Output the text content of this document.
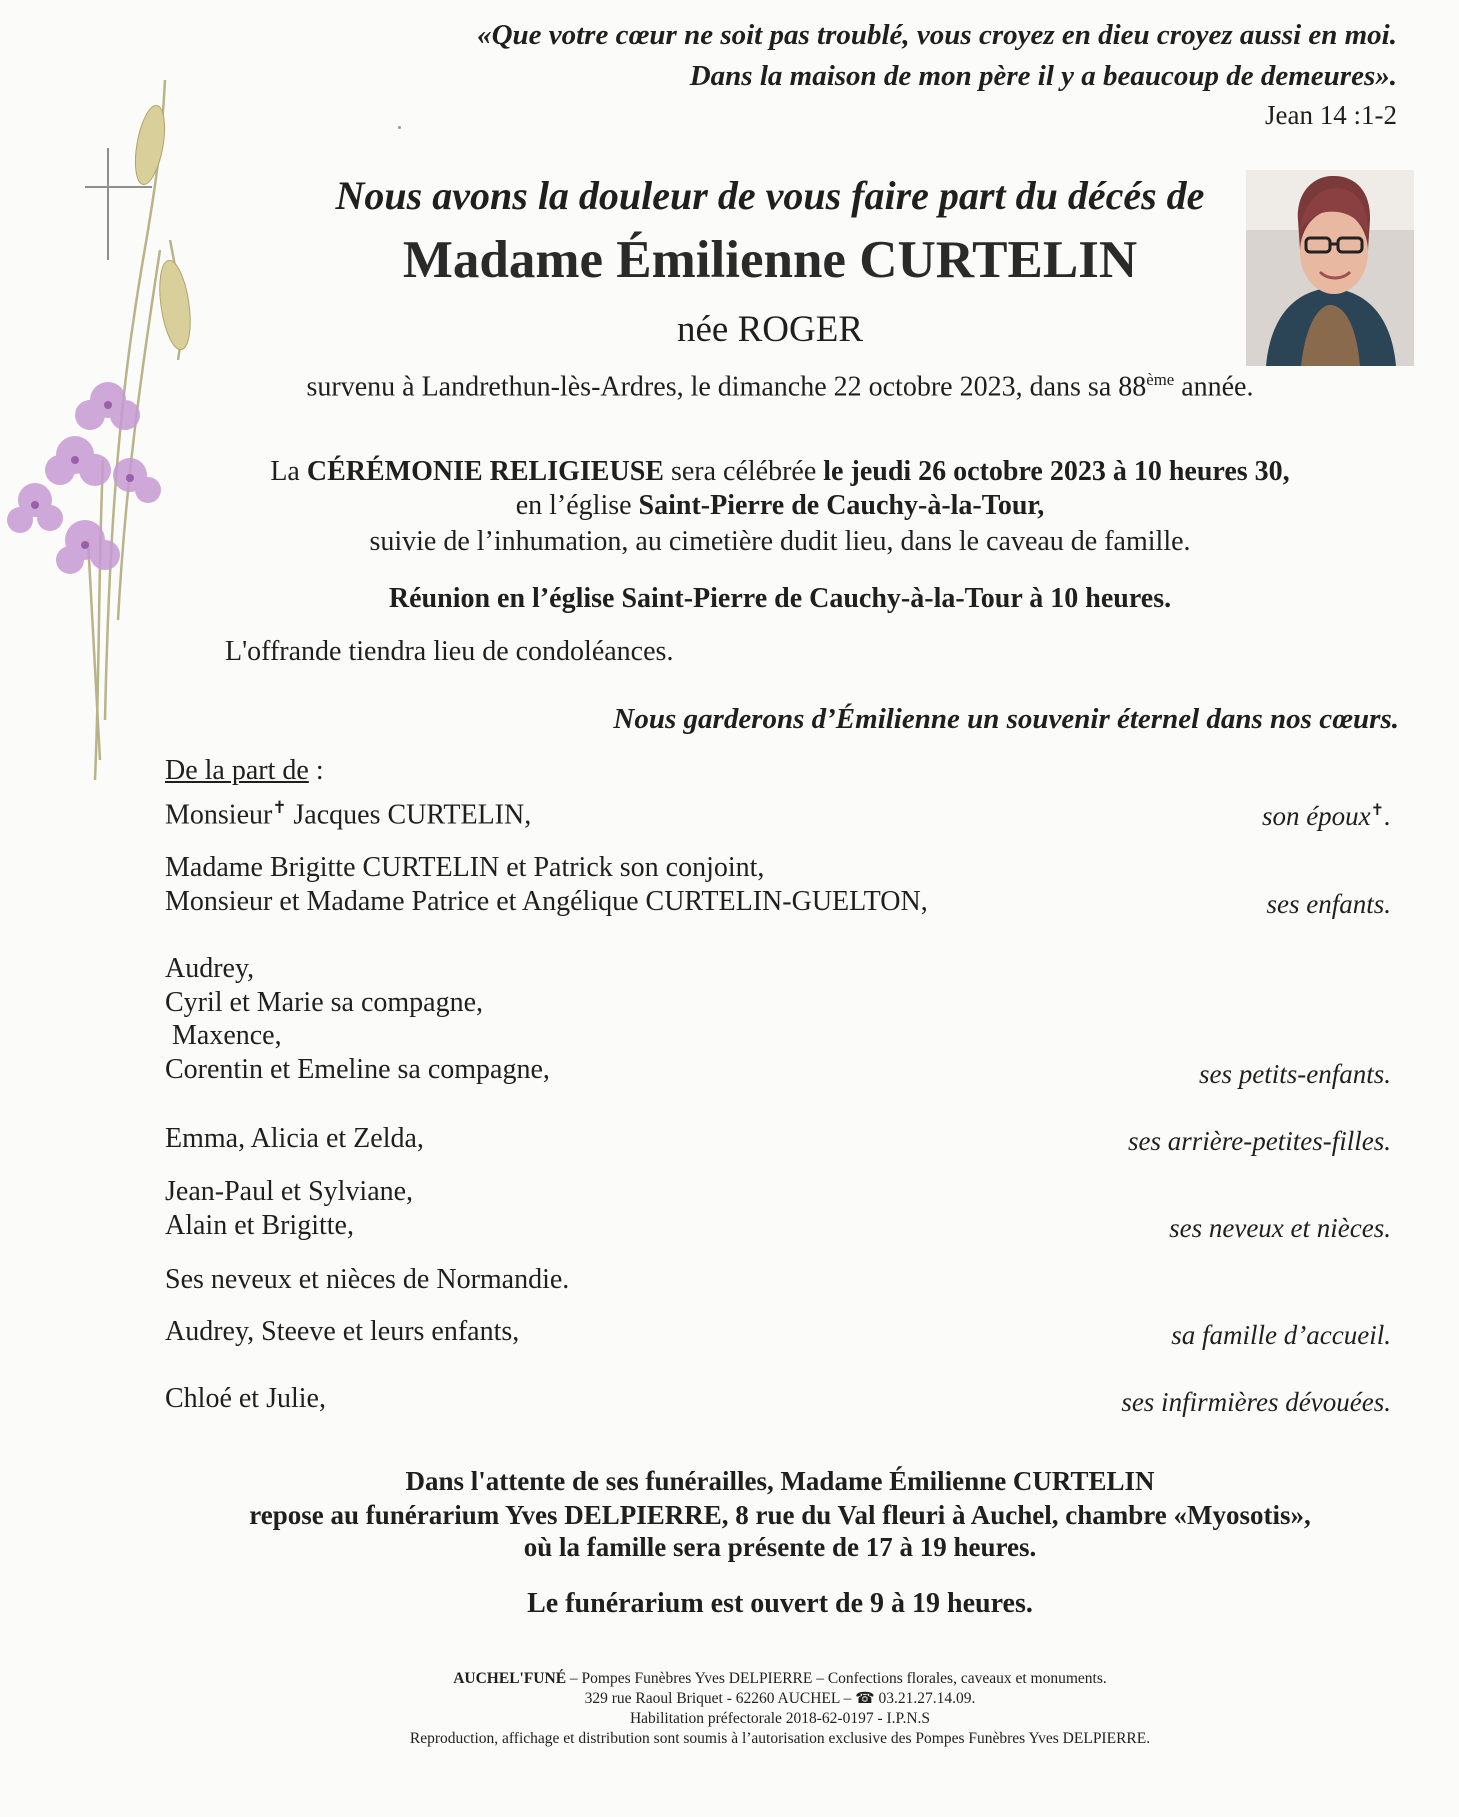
«Que votre cœur ne soit pas troublé, vous croyez en dieu croyez aussi en moi.
Dans la maison de mon père il y a beaucoup de demeures».
Jean 14 :1-2
Nous avons la douleur de vous faire part du décés de
Madame Émilienne CURTELIN
née ROGER
survenu à Landrethun-lès-Ardres, le dimanche 22 octobre 2023, dans sa 88ème année.
La CÉRÉMONIE RELIGIEUSE sera célébrée le jeudi 26 octobre 2023 à 10 heures 30,
en l’église Saint-Pierre de Cauchy-à-la-Tour,
suivie de l’inhumation, au cimetière dudit lieu, dans le caveau de famille.
Réunion en l’église Saint-Pierre de Cauchy-à-la-Tour à 10 heures.
L'offrande tiendra lieu de condoléances.
Nous garderons d’Émilienne un souvenir éternel dans nos cœurs.
De la part de :
Monsieur✝ Jacques CURTELIN,	son époux✝.
Madame Brigitte CURTELIN et Patrick son conjoint,
Monsieur et Madame Patrice et Angélique CURTELIN-GUELTON,	ses enfants.
Audrey,
Cyril et Marie sa compagne,
Maxence,
Corentin et Emeline sa compagne,	ses petits-enfants.
Emma, Alicia et Zelda,	ses arrière-petites-filles.
Jean-Paul et Sylviane,
Alain et Brigitte,	ses neveux et nièces.
Ses neveux et nièces de Normandie.
Audrey, Steeve et leurs enfants,	sa famille d’accueil.
Chloé et Julie,	ses infirmières dévouées.
Dans l'attente de ses funérailles, Madame Émilienne CURTELIN
repose au funérarium Yves DELPIERRE, 8 rue du Val fleuri à Auchel, chambre «Myosotis»,
où la famille sera présente de 17 à 19 heures.
Le funérarium est ouvert de 9 à 19 heures.
AUCHEL'FUNÉ – Pompes Funèbres Yves DELPIERRE – Confections florales, caveaux et monuments.
329 rue Raoul Briquet - 62260 AUCHEL – ☎ 03.21.27.14.09.
Habilitation préfectorale 2018-62-0197 - I.P.N.S
Reproduction, affichage et distribution sont soumis à l’autorisation exclusive des Pompes Funèbres Yves DELPIERRE.
